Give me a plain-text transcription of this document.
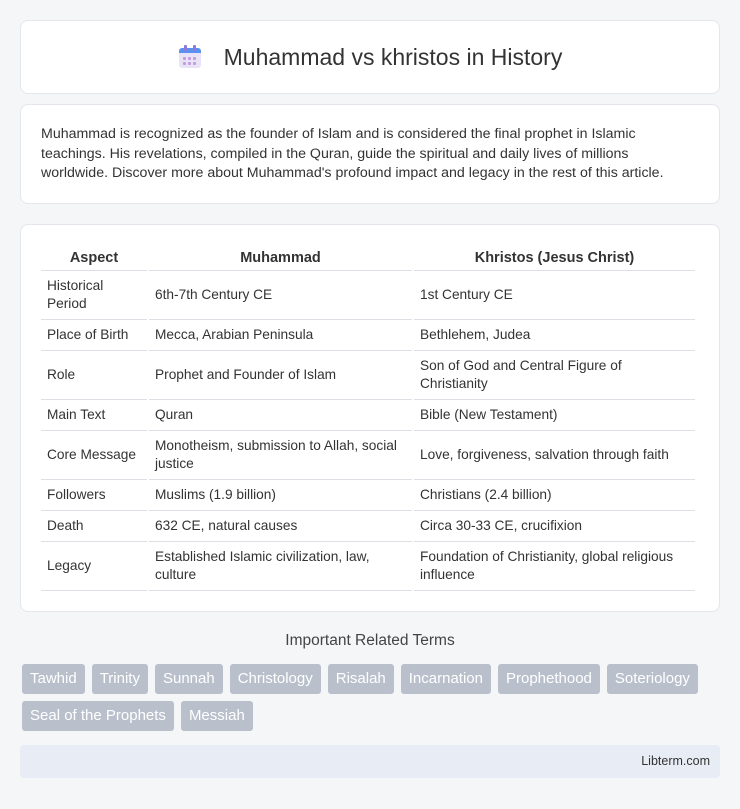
Muhammad vs khristos in History

Muhammad is recognized as the founder of Islam and is considered the final prophet in Islamic teachings. His revelations, compiled in the Quran, guide the spiritual and daily lives of millions worldwide. Discover more about Muhammad's profound impact and legacy in the rest of this article.

Aspect	Muhammad	Khristos (Jesus Christ)
Historical Period	6th-7th Century CE	1st Century CE
Place of Birth	Mecca, Arabian Peninsula	Bethlehem, Judea
Role	Prophet and Founder of Islam	Son of God and Central Figure of Christianity
Main Text	Quran	Bible (New Testament)
Core Message	Monotheism, submission to Allah, social justice	Love, forgiveness, salvation through faith
Followers	Muslims (1.9 billion)	Christians (2.4 billion)
Death	632 CE, natural causes	Circa 30-33 CE, crucifixion
Legacy	Established Islamic civilization, law, culture	Foundation of Christianity, global religious influence
Important Related Terms
Tawhid	Trinity	Sunnah	Christology	Risalah	Incarnation	Prophethood	Soteriology
Seal of the Prophets	Messiah
Libterm.com
